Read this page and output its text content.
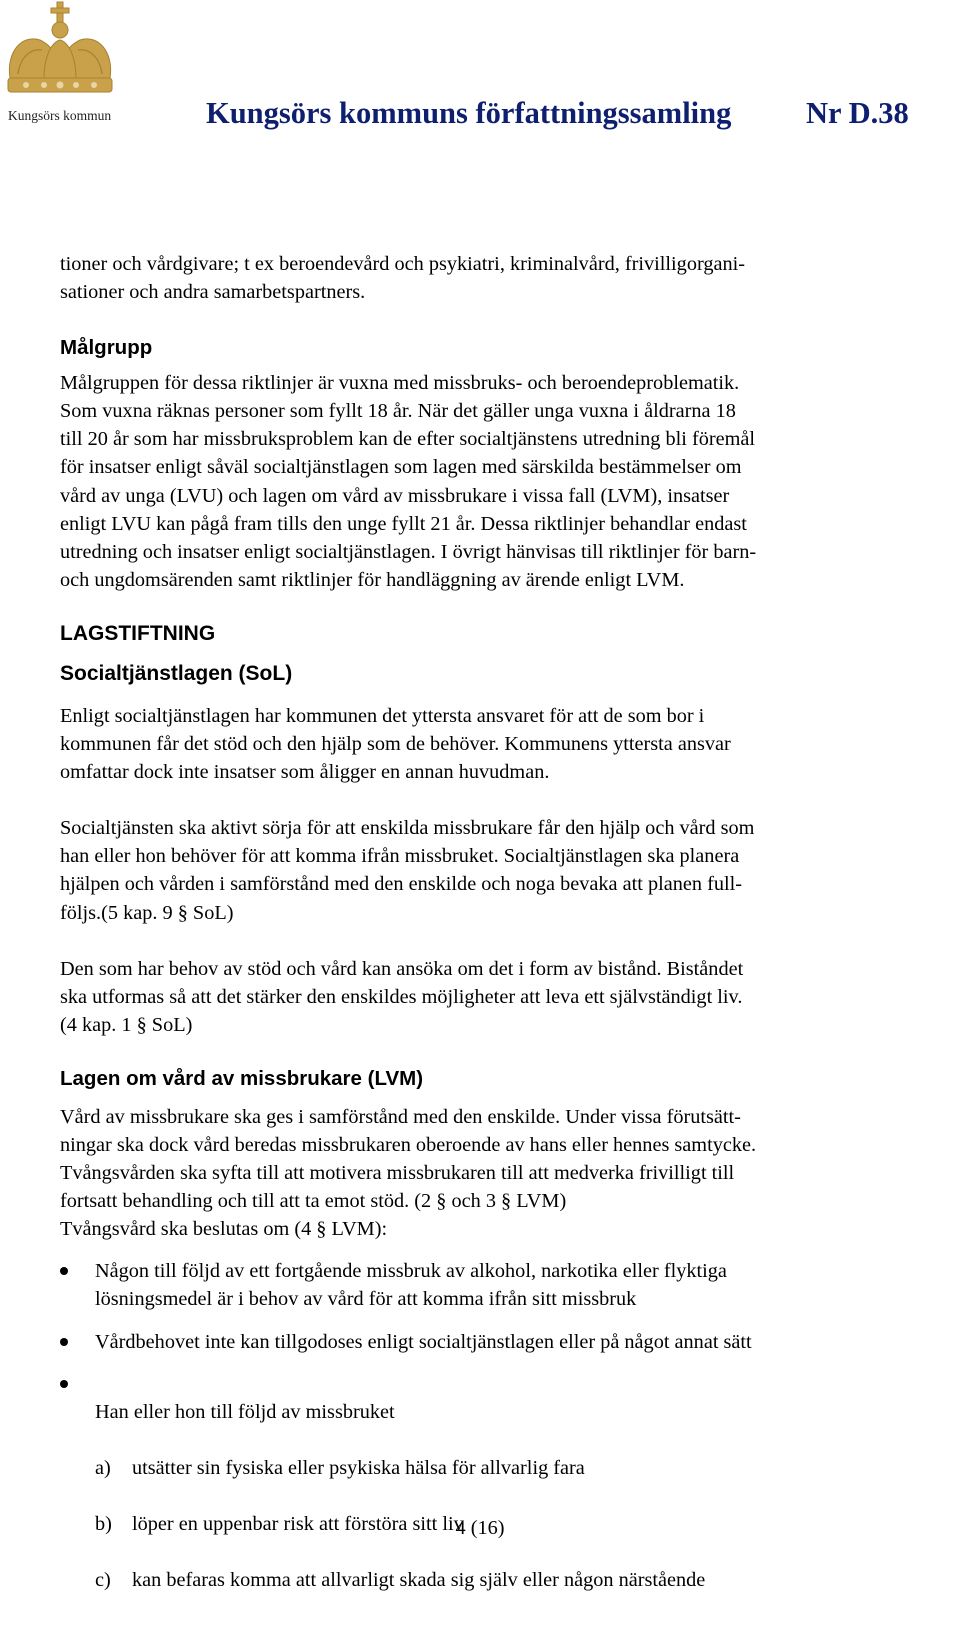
Kungsörs kommun	Kungsörs kommuns författningssamling Nr D.38

tioner och vårdgivare; t ex beroendevård och psykiatri, kriminalvård, frivilligorgani-
sationer och andra samarbetspartners.

Målgrupp

Målgruppen för dessa riktlinjer är vuxna med missbruks- och beroendeproblematik.
Som vuxna räknas personer som fyllt 18 år. När det gäller unga vuxna i åldrarna 18
till 20 år som har missbruksproblem kan de efter socialtjänstens utredning bli föremål
för insatser enligt såväl socialtjänstlagen som lagen med särskilda bestämmelser om
vård av unga (LVU) och lagen om vård av missbrukare i vissa fall (LVM), insatser
enligt LVU kan pågå fram tills den unge fyllt 21 år. Dessa riktlinjer behandlar endast
utredning och insatser enligt socialtjänstlagen. I övrigt hänvisas till riktlinjer för barn-
och ungdomsärenden samt riktlinjer för handläggning av ärende enligt LVM.

LAGSTIFTNING
Socialtjänstlagen (SoL)

Enligt socialtjänstlagen har kommunen det yttersta ansvaret för att de som bor i
kommunen får det stöd och den hjälp som de behöver. Kommunens yttersta ansvar
omfattar dock inte insatser som åligger en annan huvudman.

Socialtjänsten ska aktivt sörja för att enskilda missbrukare får den hjälp och vård som
han eller hon behöver för att komma ifrån missbruket. Socialtjänstlagen ska planera
hjälpen och vården i samförstånd med den enskilde och noga bevaka att planen full-
följs.(5 kap. 9 § SoL)

Den som har behov av stöd och vård kan ansöka om det i form av bistånd. Biståndet
ska utformas så att det stärker den enskildes möjligheter att leva ett självständigt liv.
(4 kap. 1 § SoL)

Lagen om vård av missbrukare (LVM)

Vård av missbrukare ska ges i samförstånd med den enskilde. Under vissa förutsätt-
ningar ska dock vård beredas missbrukaren oberoende av hans eller hennes samtycke.
Tvångsvården ska syfta till att motivera missbrukaren till att medverka frivilligt till
fortsatt behandling och till att ta emot stöd. (2 § och 3 § LVM)
Tvångsvård ska beslutas om (4 § LVM):

Någon till följd av ett fortgående missbruk av alkohol, narkotika eller flyktiga
lösningsmedel är i behov av vård för att komma ifrån sitt missbruk
Vårdbehovet inte kan tillgodoses enligt socialtjänstlagen eller på något annat sätt

Han eller hon till följd av missbruket

a) utsätter sin fysiska eller psykiska hälsa för allvarlig fara

b) löper en uppenbar risk att förstöra sitt liv

c) kan befaras komma att allvarligt skada sig själv eller någon närstående

4 (16)
